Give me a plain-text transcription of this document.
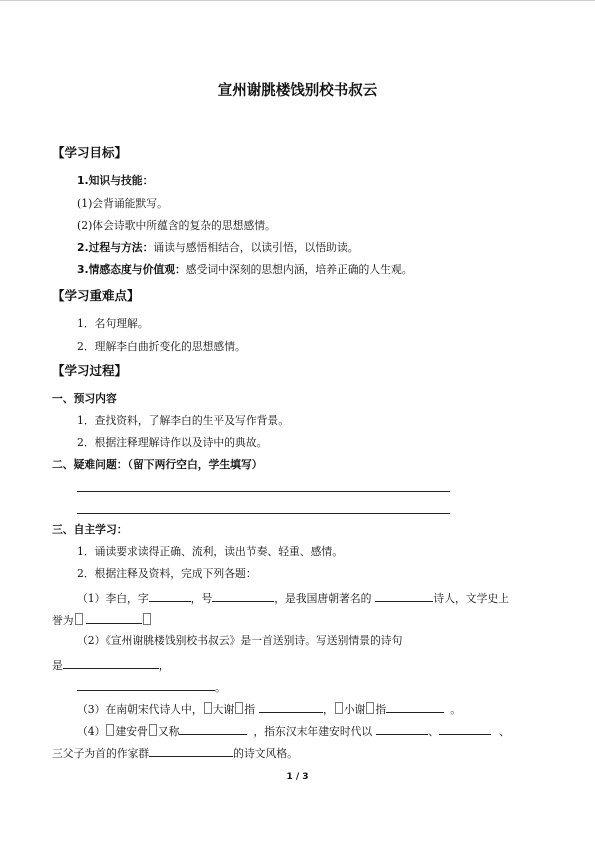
宣州谢朓楼饯别校书叔云
【学习目标】
1.知识与技能：
(1)会背诵能默写。
(2)体会诗歌中所蕴含的复杂的思想感情。
2.过程与方法：诵读与感悟相结合，以读引悟，以悟助读。
3.情感态度与价值观：感受词中深刻的思想内涵，培养正确的人生观。
【学习重难点】
1．名句理解。
2．理解李白曲折变化的思想感情。
【学习过程】
一、预习内容
1．查找资料，了解李白的生平及写作背景。
2．根据注释理解诗作以及诗中的典故。
二、疑难问题：（留下两行空白，学生填写）
三、自主学习：
1．诵读要求读得正确、流利，读出节奏、轻重、感情。
2．根据注释及资料，完成下列各题：
（1）李白，字	，号	，是我国唐朝著名的	诗人，文学史上
誉为
（2）《宣州谢朓楼饯别校书叔云》是一首送别诗。写送别情景的诗句
是	，
。
（3）在南朝宋代诗人中， 大谢 指	， 小谢 指	。
（4） 建安骨 又称	，指东汉末年建安时代以	、	、
三父子为首的作家群	的诗文风格。
1 / 3
